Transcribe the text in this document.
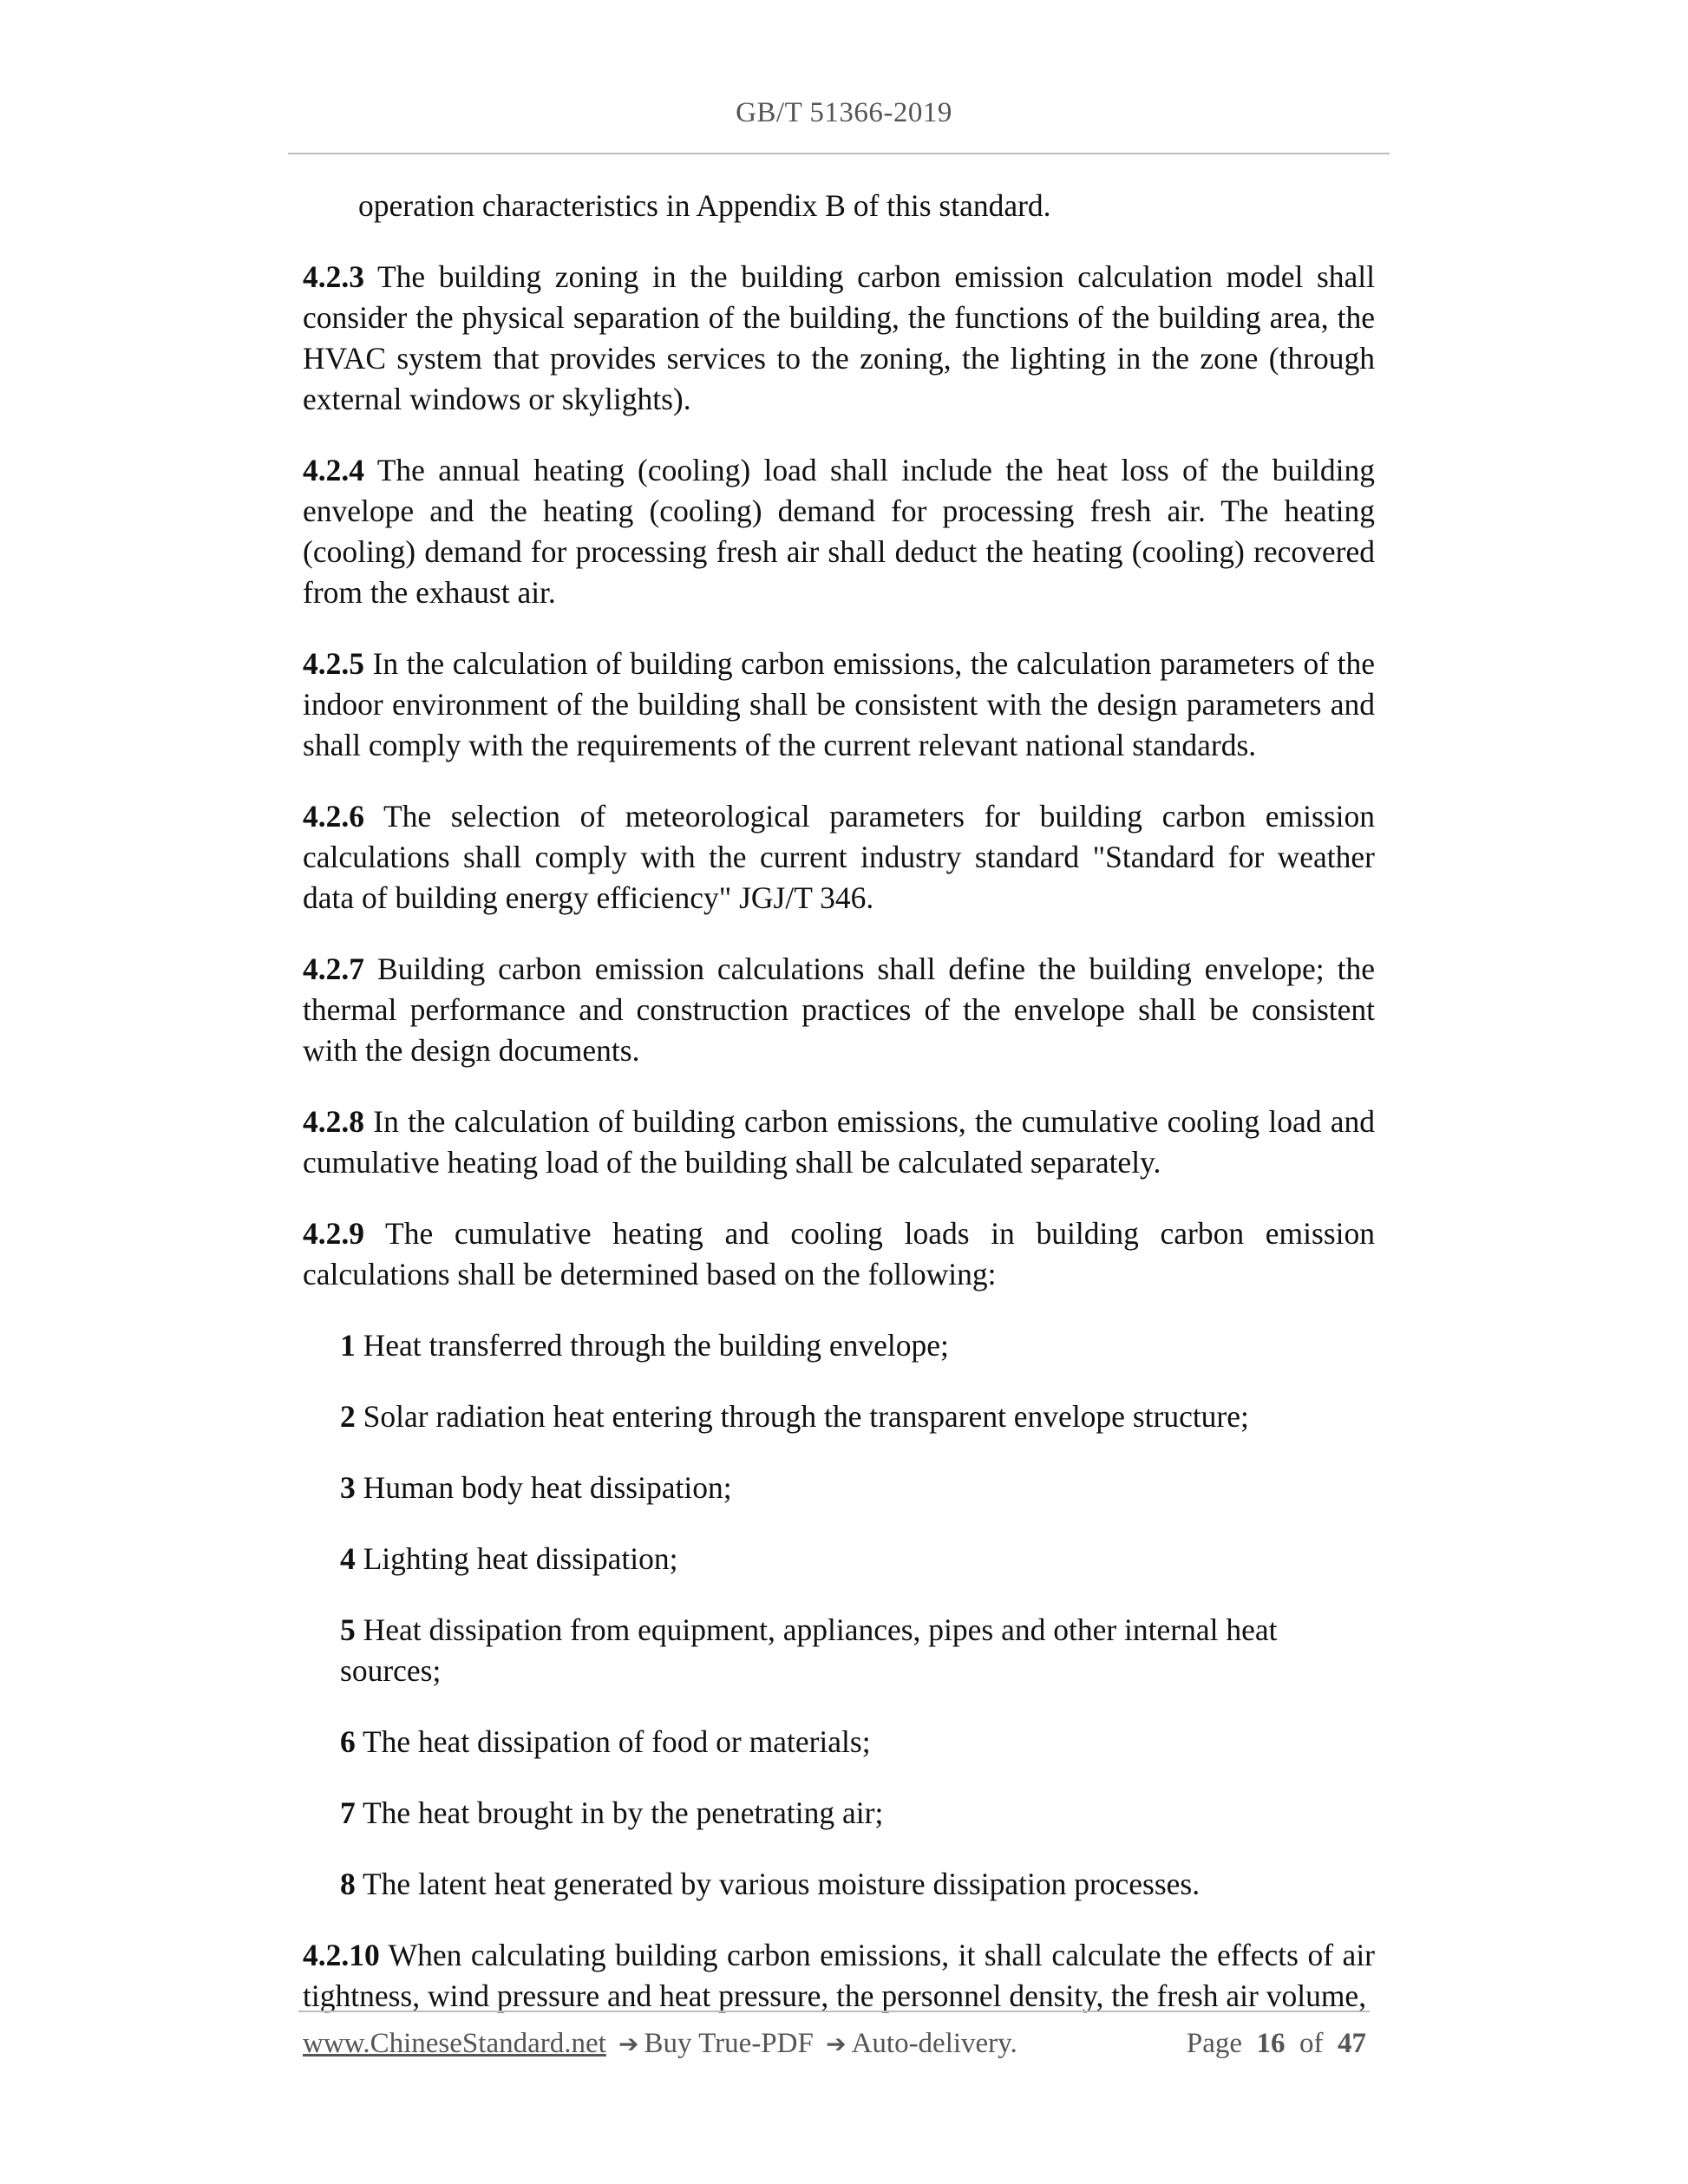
GB/T 51366-2019

operation characteristics in Appendix B of this standard.

4.2.3 The building zoning in the building carbon emission calculation model shall consider the physical separation of the building, the functions of the building area, the HVAC system that provides services to the zoning, the lighting in the zone (through external windows or skylights).

4.2.4 The annual heating (cooling) load shall include the heat loss of the building envelope and the heating (cooling) demand for processing fresh air. The heating (cooling) demand for processing fresh air shall deduct the heating (cooling) recovered from the exhaust air.

4.2.5 In the calculation of building carbon emissions, the calculation parameters of the indoor environment of the building shall be consistent with the design parameters and shall comply with the requirements of the current relevant national standards.

4.2.6 The selection of meteorological parameters for building carbon emission calculations shall comply with the current industry standard "Standard for weather data of building energy efficiency" JGJ/T 346.

4.2.7 Building carbon emission calculations shall define the building envelope; the thermal performance and construction practices of the envelope shall be consistent with the design documents.

4.2.8 In the calculation of building carbon emissions, the cumulative cooling load and cumulative heating load of the building shall be calculated separately.

4.2.9 The cumulative heating and cooling loads in building carbon emission calculations shall be determined based on the following:

1 Heat transferred through the building envelope;

2 Solar radiation heat entering through the transparent envelope structure;

3 Human body heat dissipation;

4 Lighting heat dissipation;

5 Heat dissipation from equipment, appliances, pipes and other internal heat sources;

6 The heat dissipation of food or materials;

7 The heat brought in by the penetrating air;

8 The latent heat generated by various moisture dissipation processes.

4.2.10 When calculating building carbon emissions, it shall calculate the effects of air tightness, wind pressure and heat pressure, the personnel density, the fresh air volume,

www.ChineseStandard.net ➔ Buy True-PDF ➔ Auto-delivery.	Page 16 of 47
